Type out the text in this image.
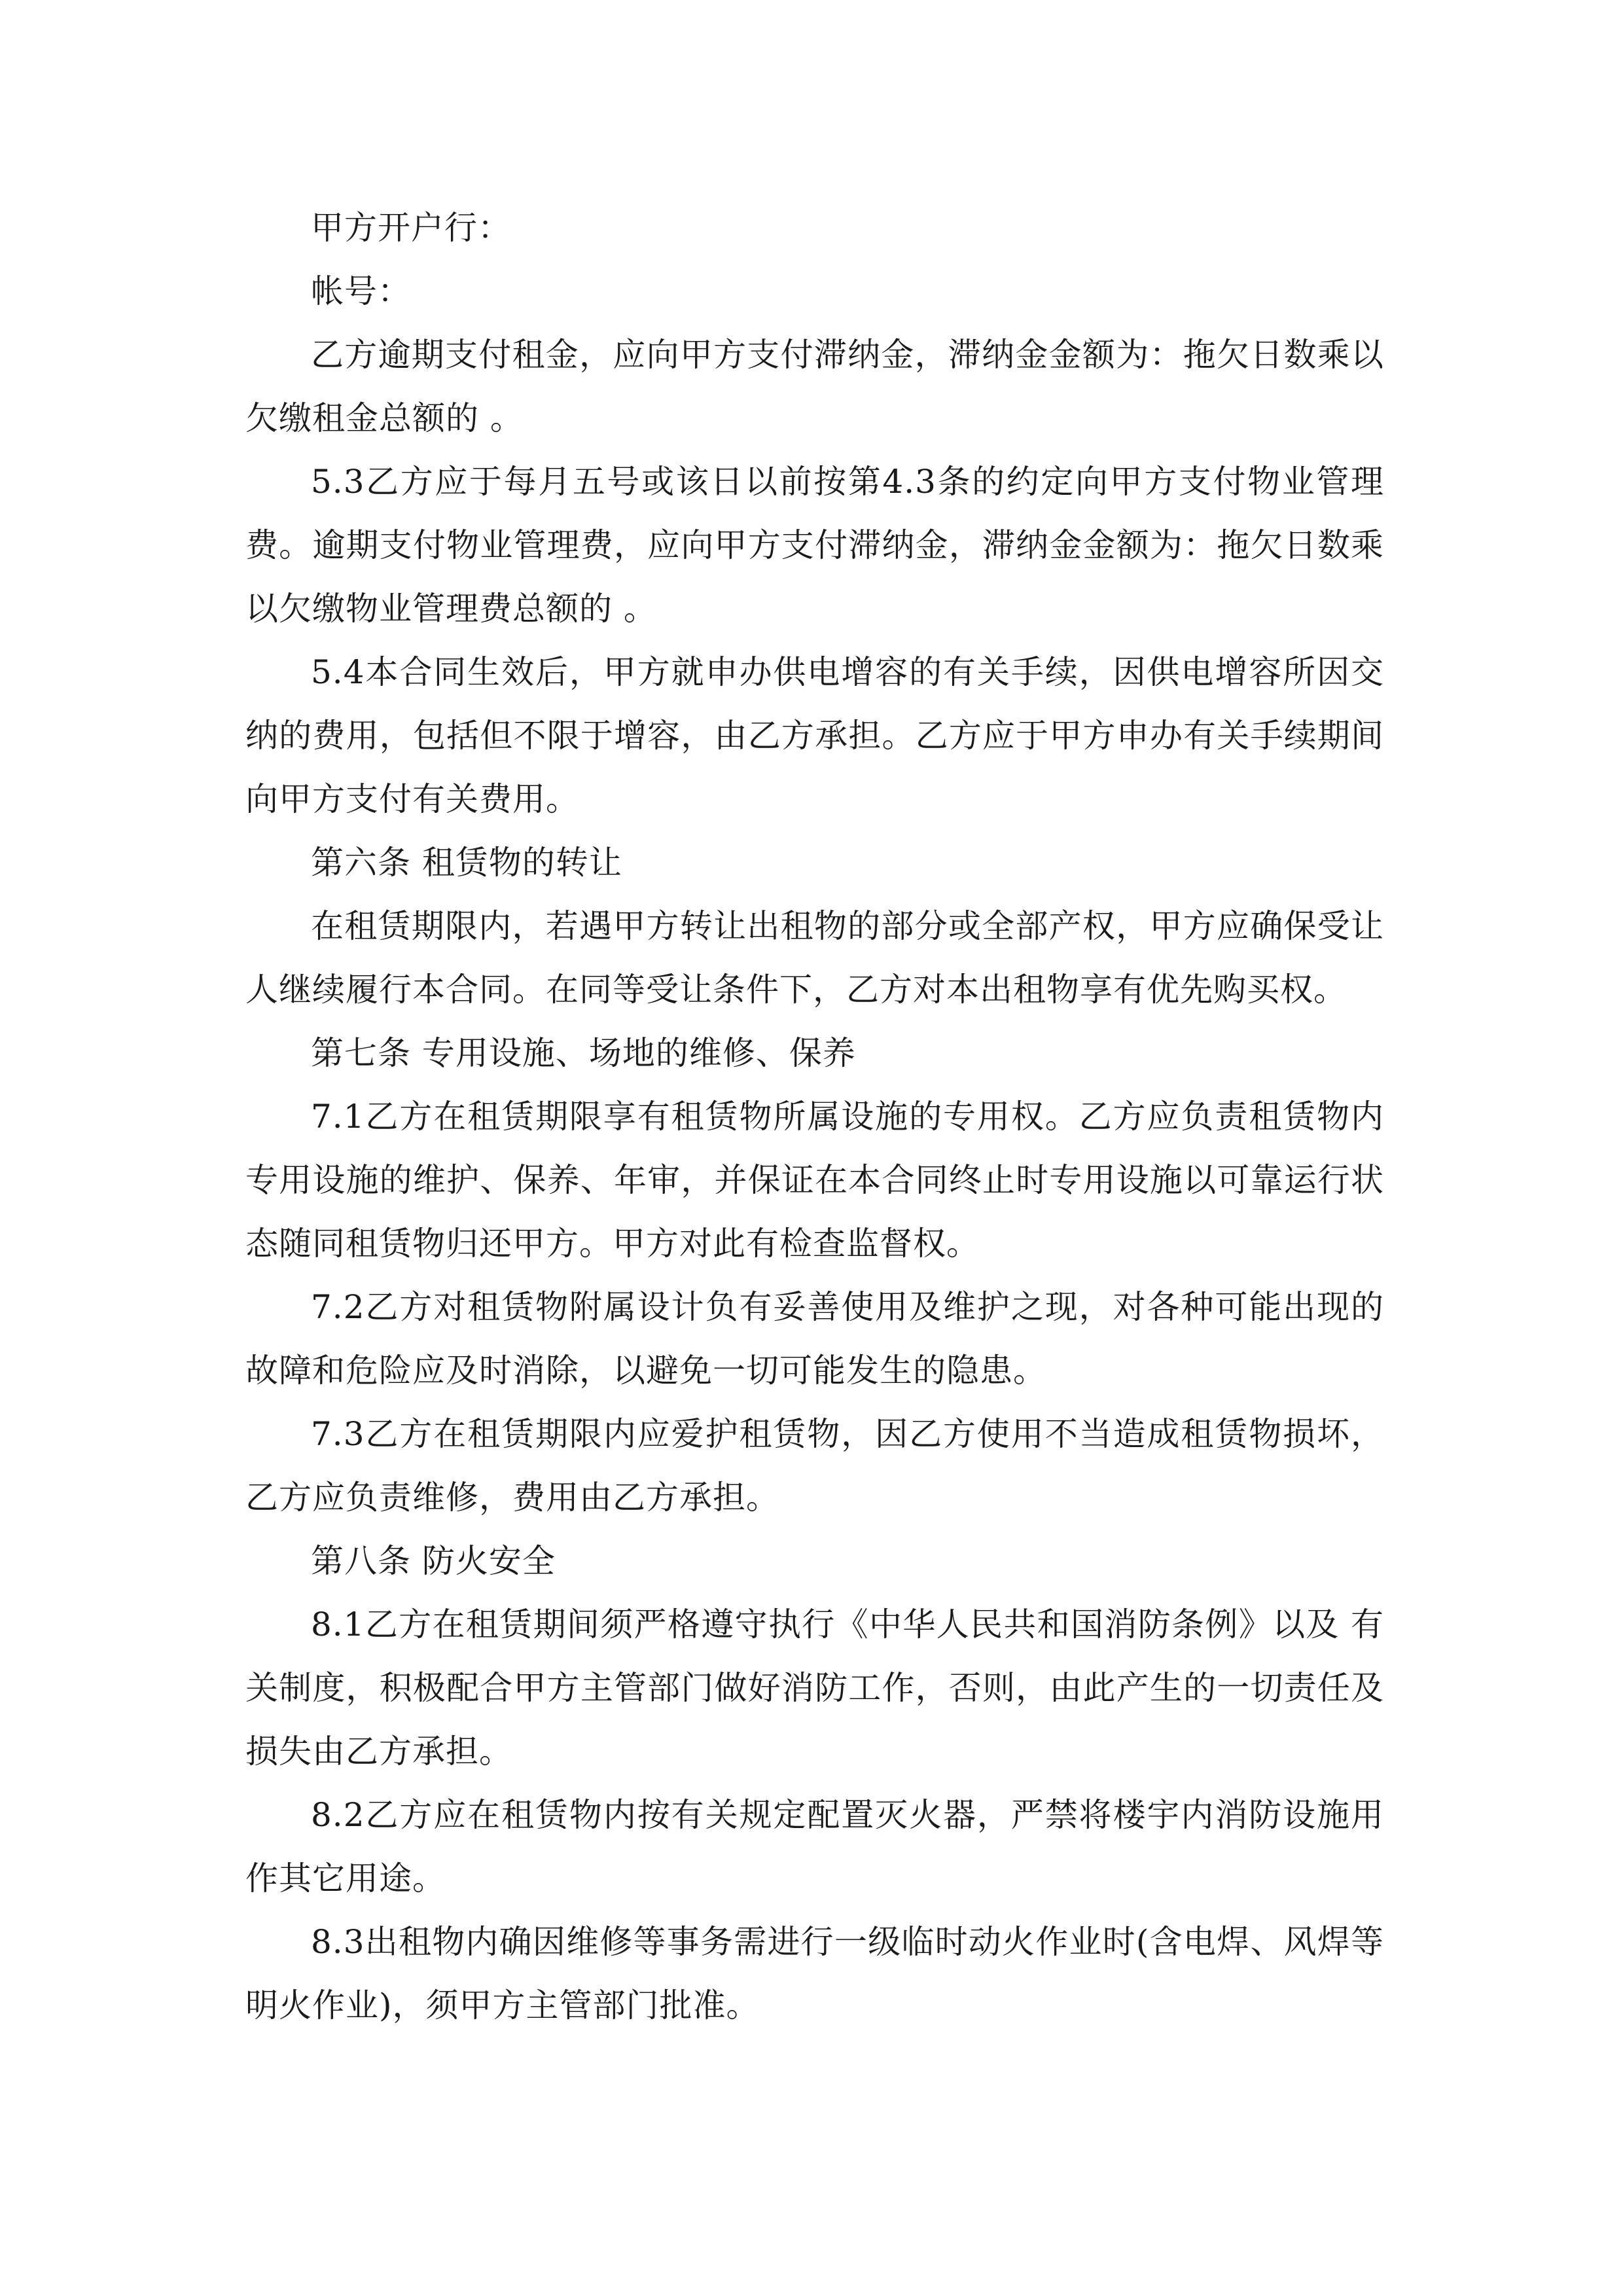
甲方开户行：

帐号：

乙方逾期支付租金，应向甲方支付滞纳金，滞纳金金额为：拖欠日数乘以欠缴租金总额的 。

5.3乙方应于每月五号或该日以前按第4.3条的约定向甲方支付物业管理费。逾期支付物业管理费，应向甲方支付滞纳金，滞纳金金额为：拖欠日数乘以欠缴物业管理费总额的 。

5.4本合同生效后，甲方就申办供电增容的有关手续，因供电增容所因交纳的费用，包括但不限于增容，由乙方承担。乙方应于甲方申办有关手续期间向甲方支付有关费用。

第六条 租赁物的转让

在租赁期限内，若遇甲方转让出租物的部分或全部产权，甲方应确保受让人继续履行本合同。在同等受让条件下，乙方对本出租物享有优先购买权。

第七条 专用设施、场地的维修、保养

7.1乙方在租赁期限享有租赁物所属设施的专用权。乙方应负责租赁物内专用设施的维护、保养、年审，并保证在本合同终止时专用设施以可靠运行状态随同租赁物归还甲方。甲方对此有检查监督权。

7.2乙方对租赁物附属设计负有妥善使用及维护之现，对各种可能出现的故障和危险应及时消除，以避免一切可能发生的隐患。

7.3乙方在租赁期限内应爱护租赁物，因乙方使用不当造成租赁物损坏，乙方应负责维修，费用由乙方承担。

第八条 防火安全

8.1乙方在租赁期间须严格遵守执行《中华人民共和国消防条例》以及 有关制度，积极配合甲方主管部门做好消防工作，否则，由此产生的一切责任及损失由乙方承担。

8.2乙方应在租赁物内按有关规定配置灭火器，严禁将楼宇内消防设施用作其它用途。

8.3出租物内确因维修等事务需进行一级临时动火作业时(含电焊、风焊等明火作业)，须甲方主管部门批准。
